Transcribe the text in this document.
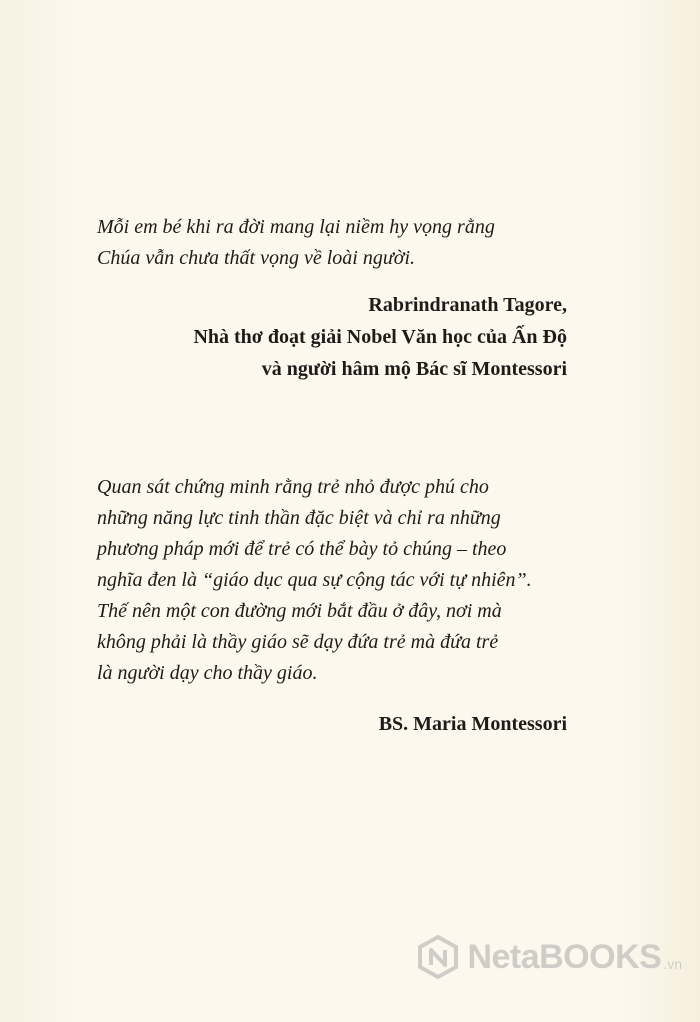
Mỗi em bé khi ra đời mang lại niềm hy vọng rằng
Chúa vẫn chưa thất vọng về loài người.
Rabrindranath Tagore,
Nhà thơ đoạt giải Nobel Văn học của Ấn Độ
và người hâm mộ Bác sĩ Montessori
Quan sát chứng minh rằng trẻ nhỏ được phú cho
những năng lực tinh thần đặc biệt và chỉ ra những
phương pháp mới để trẻ có thể bày tỏ chúng – theo
nghĩa đen là “giáo dục qua sự cộng tác với tự nhiên”.
Thế nên một con đường mới bắt đầu ở đây, nơi mà
không phải là thầy giáo sẽ dạy đứa trẻ mà đứa trẻ
là người dạy cho thầy giáo.
BS. Maria Montessori
NetaBOOKS .vn
